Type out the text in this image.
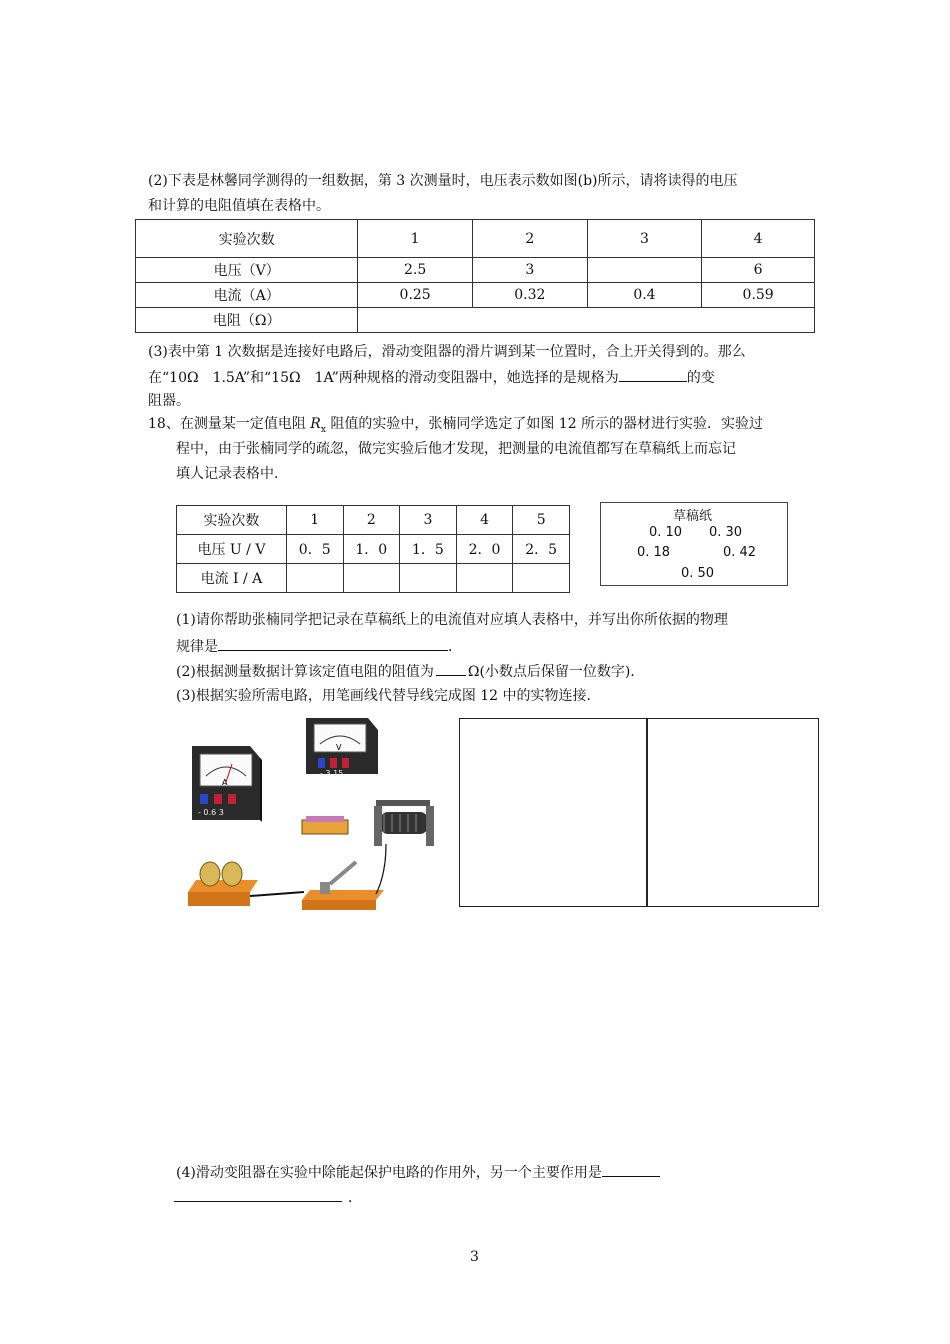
(2)下表是林馨同学测得的一组数据，第 3 次测量时，电压表示数如图(b)所示，请将读得的电压
和计算的电阻值填在表格中。
实验次数	1	2	3	4
电压（V）	2.5	3		6
电流（A）	0.25	0.32	0.4	0.59
电阻（Ω）				
(3)表中第 1 次数据是连接好电路后，滑动变阻器的滑片调到某一位置时，合上开关得到的。那么
在“10Ω　1.5A”和“15Ω　1A”两种规格的滑动变阻器中，她选择的是规格为	的变
阻器。
18、在测量某一定值电阻 $R_x$ 阻值的实验中，张楠同学选定了如图 12 所示的器材进行实验．实验过
程中，由于张楠同学的疏忽，做完实验后他才发现，把测量的电流值都写在草稿纸上而忘记
填人记录表格中．
实验次数	1	2	3	4	5
电压 U / V	0．5	1．0	1．5	2．0	2．5
电流 I / A					
草稿纸
0. 10 0. 30
0. 18	0. 42
0. 50
(1)请你帮助张楠同学把记录在草稿纸上的电流值对应填人表格中，并写出你所依据的物理
规律是	．
(2)根据测量数据计算该定值电阻的阻值为 Ω(小数点后保留一位数字)．
(3)根据实验所需电路，用笔画线代替导线完成图 12 中的实物连接．
A
- 0.6 3
V
- 3 15
(4)滑动变阻器在实验中除能起保护电路的作用外，另一个主要作用是
．
3
